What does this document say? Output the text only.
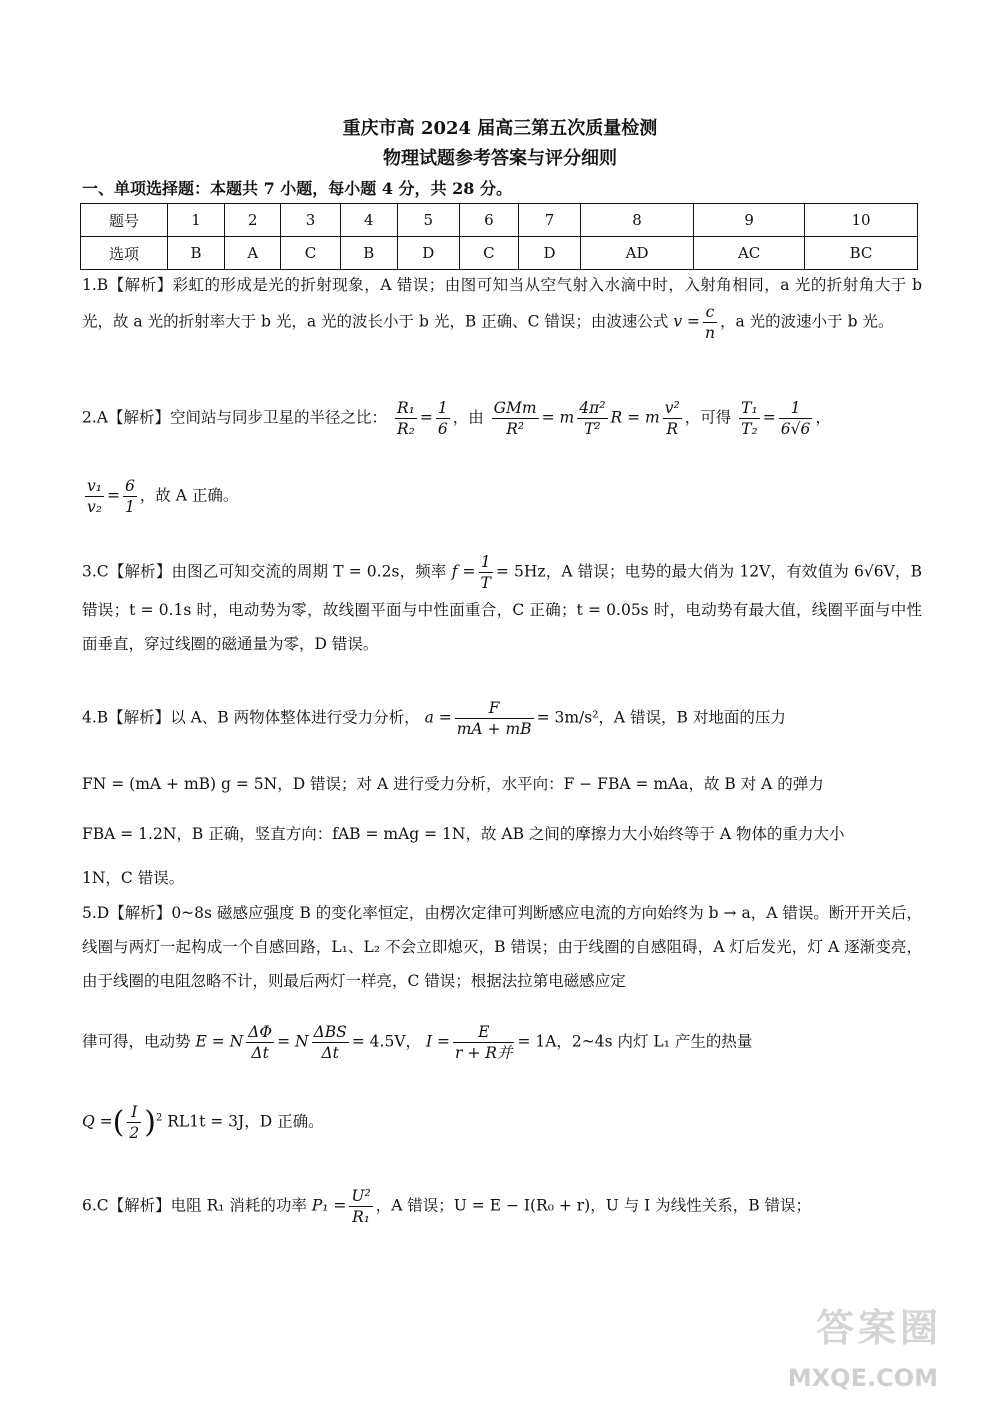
重庆市高 2024 届高三第五次质量检测
物理试题参考答案与评分细则
一、单项选择题：本题共 7 小题，每小题 4 分，共 28 分。
题号	1	2	3	4	5	6	7	8	9	10
选项	B	A	C	B	D	C	D	AD	AC	BC
1.B【解析】彩虹的形成是光的折射现象，A 错误；由图可知当从空气射入水滴中时，入射角相同，a 光的折射角大于 b 光，故 a 光的折射率大于 b 光，a 光的波长小于 b 光，B 正确、C 错误；由波速公式 $v = \frac{c}{n}$ ，a 光的波速小于 b 光。
2.A【解析】空间站与同步卫星的半径之比： $\frac{\text{R₁}}{\text{R₂}} = \frac{1}{6}$ ，由
GMm
R²
= m $\frac{\text{4π²}}{\text{T²}}$ R = m $\frac{\text{v²}}{R}$ ，可得 $\frac{\text{T₁}}{\text{T₂}} = \frac{1}{6√6}$ ，
$\frac{\text{v₁}}{\text{v₂}} = \frac{6}{1}$ ，故 A 正确。
3.C【解析】由图乙可知交流的周期 T = 0.2s，频率 $f = \frac{1}{T} = 5Hz$，A 错误；电势的最大俏为 12V，有效值为 6√6V，B 错误；t = 0.1s 时，电动势为零，故线圈平面与中性面重合，C 正确；t = 0.05s 时，电动势有最大值，线圈平面与中性面垂直，穿过线圈的磁通量为零，D 错误。
4.B【解析】以 A、B 两物体整体进行受力分析， $a = \frac{F}{mA + mB} = 3m/s^2$，A 错误，B 对地面的压力
FN = (mA + mB) g = 5N，D 错误；对 A 进行受力分析，水平向：F − FBA = mAa，故 B 对 A 的弹力
FBA = 1.2N，B 正确，竖直方向：fAB = mAg = 1N，故 AB 之间的摩擦力大小始终等于 A 物体的重力大小
1N，C 错误。
5.D【解析】0~8s 磁感应强度 B 的变化率恒定，由楞次定律可判断感应电流的方向始终为 b → a，A 错误。断开开关后，线圈与两灯一起构成一个自感回路，L₁、L₂ 不会立即熄灭，B 错误；由于线圈的自感阻碍，A 灯后发光，灯 A 逐渐变亮，由于线圈的电阻忽略不计，则最后两灯一样亮，C 错误；根据法拉第电磁感应定
律可得，电动势 E = N $\frac{\Delta\Phi}{\Delta t} = N$
ΔBS
Δt
= 4.5V， I =
E
r + R并
= 1A，2~4s 内灯 L₁ 产生的热量
Q =( $\frac{I}{2} )^2$ RL1t = 3J，D 正确。
6.C【解析】电阻 R₁ 消耗的功率 $P_1 = \frac{\text{U²}}{\text{R₁}}$ ，A 错误；U = E − I(R₀ + r)，U 与 I 为线性关系，B 错误；
答案圈
MXQE.COM
